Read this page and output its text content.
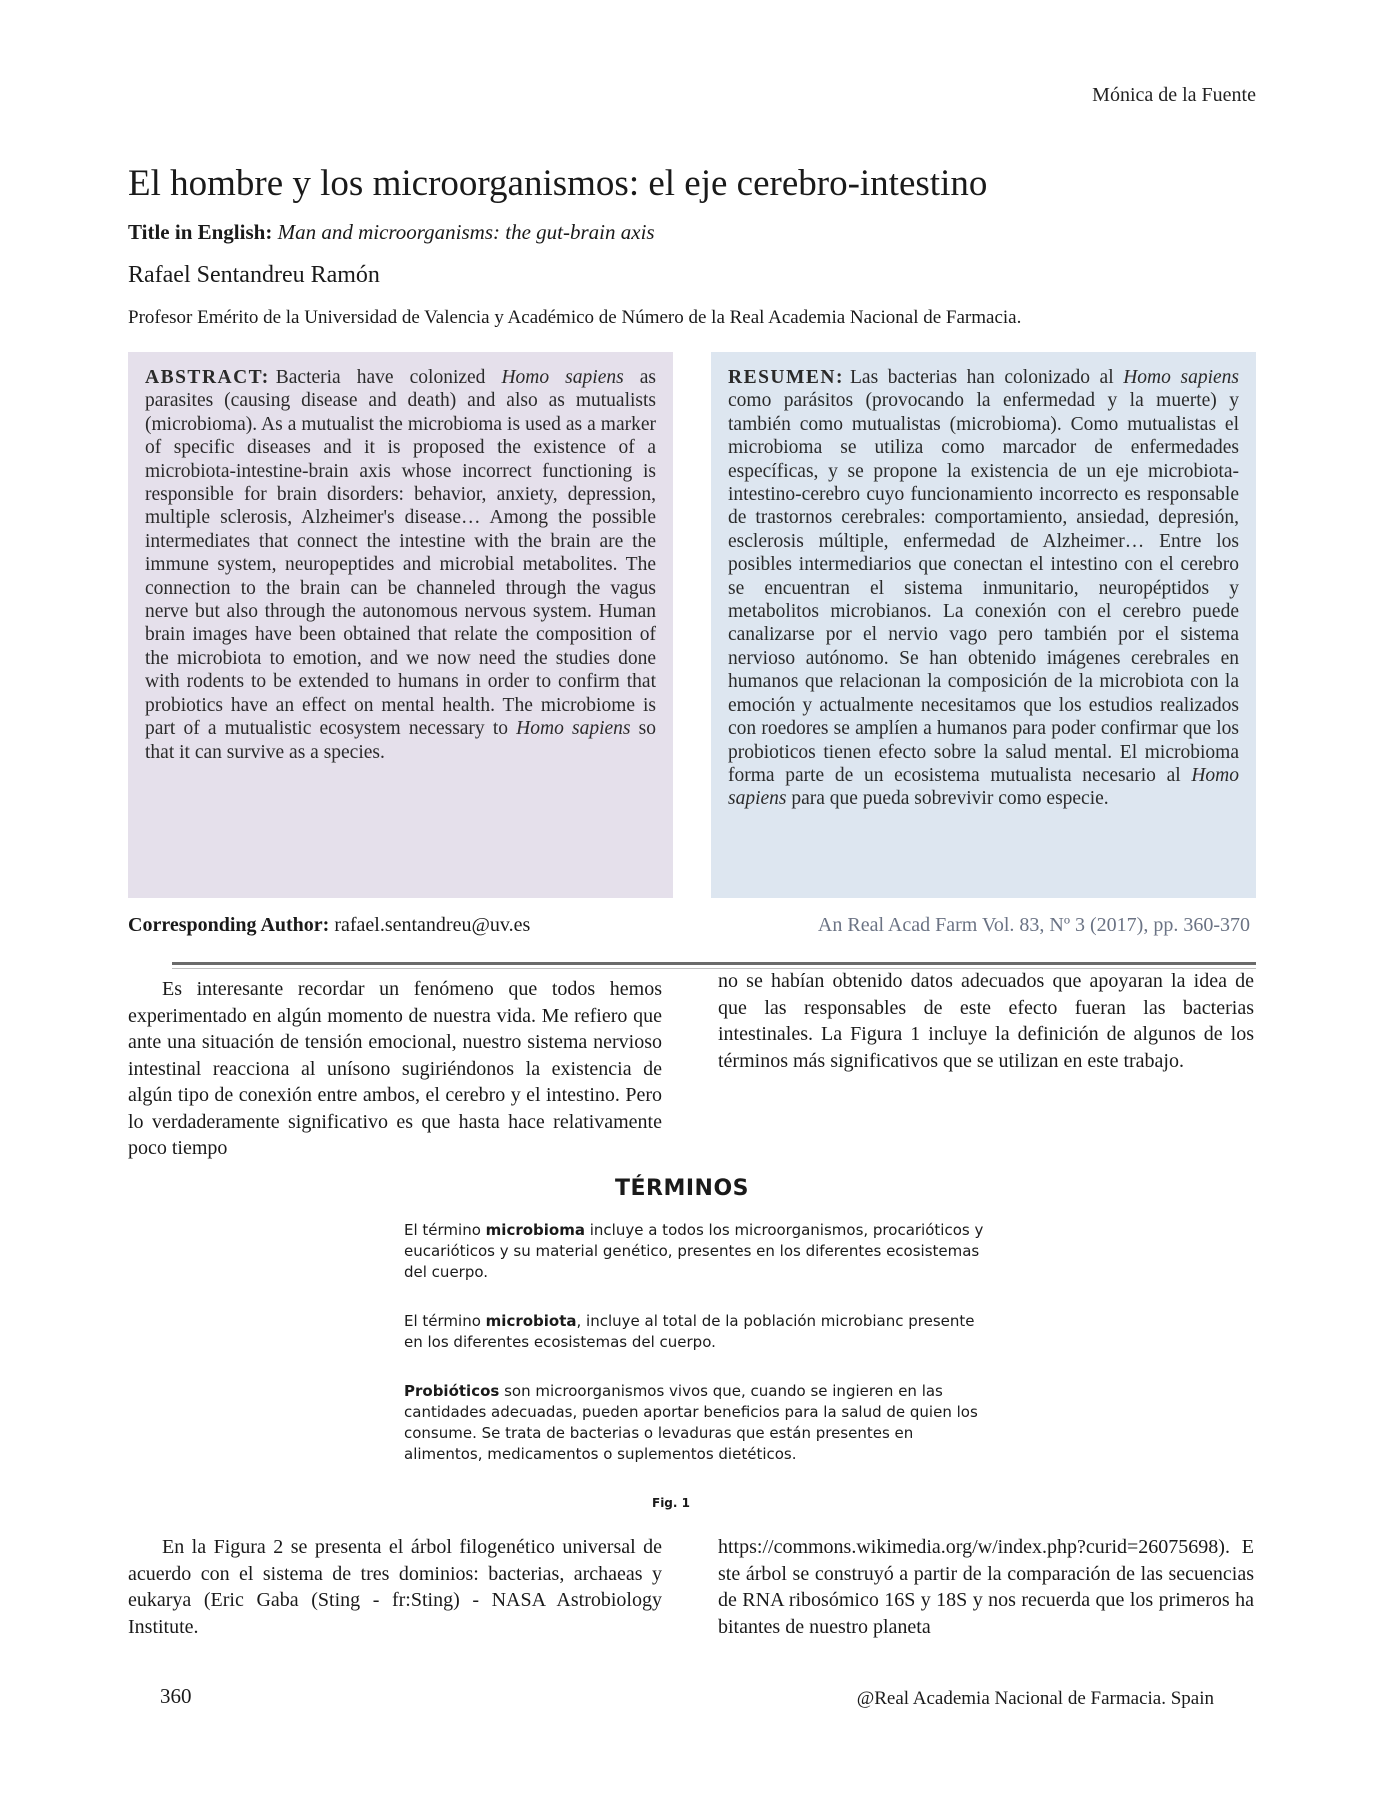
Mónica de la Fuente
El hombre y los microorganismos: el eje cerebro-intestino
Title in English: Man and microorganisms: the gut-brain axis
Rafael Sentandreu Ramón
Profesor Emérito de la Universidad de Valencia y Académico de Número de la Real Academia Nacional de Farmacia.
ABSTRACT: Bacteria have colonized Homo sapiens as parasites (causing disease and death) and also as mutualists (microbioma). As a mutualist the microbioma is used as a marker of specific diseases and it is proposed the existence of a microbiota-intestine-brain axis whose incorrect functioning is responsible for brain disorders: behavior, anxiety, depression, multiple sclerosis, Alzheimer's disease… Among the possible intermediates that connect the intestine with the brain are the immune system, neuropeptides and microbial metabolites. The connection to the brain can be channeled through the vagus nerve but also through the autonomous nervous system. Human brain images have been obtained that relate the composition of the microbiota to emotion, and we now need the studies done with rodents to be extended to humans in order to confirm that probiotics have an effect on mental health. The microbiome is part of a mutualistic ecosystem necessary to Homo sapiens so that it can survive as a species.
RESUMEN: Las bacterias han colonizado al Homo sapiens como parásitos (provocando la enfermedad y la muerte) y también como mutualistas (microbioma). Como mutualistas el microbioma se utiliza como marcador de enfermedades específicas, y se propone la existencia de un eje microbiota-intestino-cerebro cuyo funcionamiento incorrecto es responsable de trastornos cerebrales: comportamiento, ansiedad, depresión, esclerosis múltiple, enfermedad de Alzheimer… Entre los posibles intermediarios que conectan el intestino con el cerebro se encuentran el sistema inmunitario, neuropéptidos y metabolitos microbianos. La conexión con el cerebro puede canalizarse por el nervio vago pero también por el sistema nervioso autónomo. Se han obtenido imágenes cerebrales en humanos que relacionan la composición de la microbiota con la emoción y actualmente necesitamos que los estudios realizados con roedores se amplíen a humanos para poder confirmar que los probioticos tienen efecto sobre la salud mental. El microbioma forma parte de un ecosistema mutualista necesario al Homo sapiens para que pueda sobrevivir como especie.
Corresponding Author: rafael.sentandreu@uv.es	An Real Acad Farm Vol. 83, Nº 3 (2017), pp. 360-370
Es interesante recordar un fenómeno que todos hemos experimentado en algún momento de nuestra vida. Me refiero que ante una situación de tensión emocional, nuestro sistema nervioso intestinal reacciona al unísono sugiriéndonos la existencia de algún tipo de conexión entre ambos, el cerebro y el intestino. Pero lo verdaderamente significativo es que hasta hace relativamente poco tiempo
no se habían obtenido datos adecuados que apoyaran la idea de que las responsables de este efecto fueran las bacterias intestinales. La Figura 1 incluye la definición de algunos de los términos más significativos que se utilizan en este trabajo.
TÉRMINOS

El término microbioma incluye a todos los microorganismos, procarióticos y eucarióticos y su material genético, presentes en los diferentes ecosistemas del cuerpo.

El término microbiota, incluye al total de la población microbianc presente en los diferentes ecosistemas del cuerpo.

Probióticos son microorganismos vivos que, cuando se ingieren en las cantidades adecuadas, pueden aportar beneficios para la salud de quien los consume. Se trata de bacterias o levaduras que están presentes en alimentos, medicamentos o suplementos dietéticos.

Fig. 1
En la Figura 2 se presenta el árbol filogenético universal de acuerdo con el sistema de tres dominios: bacterias, archaeas y eukarya (Eric Gaba (Sting - fr:Sting) - NASA Astrobiology Institute.
https://commons.wikimedia.org/w/index.php?curid=26075698). Este árbol se construyó a partir de la comparación de las secuencias de RNA ribosómico 16S y 18S y nos recuerda que los primeros habitantes de nuestro planeta
360	@Real Academia Nacional de Farmacia. Spain
